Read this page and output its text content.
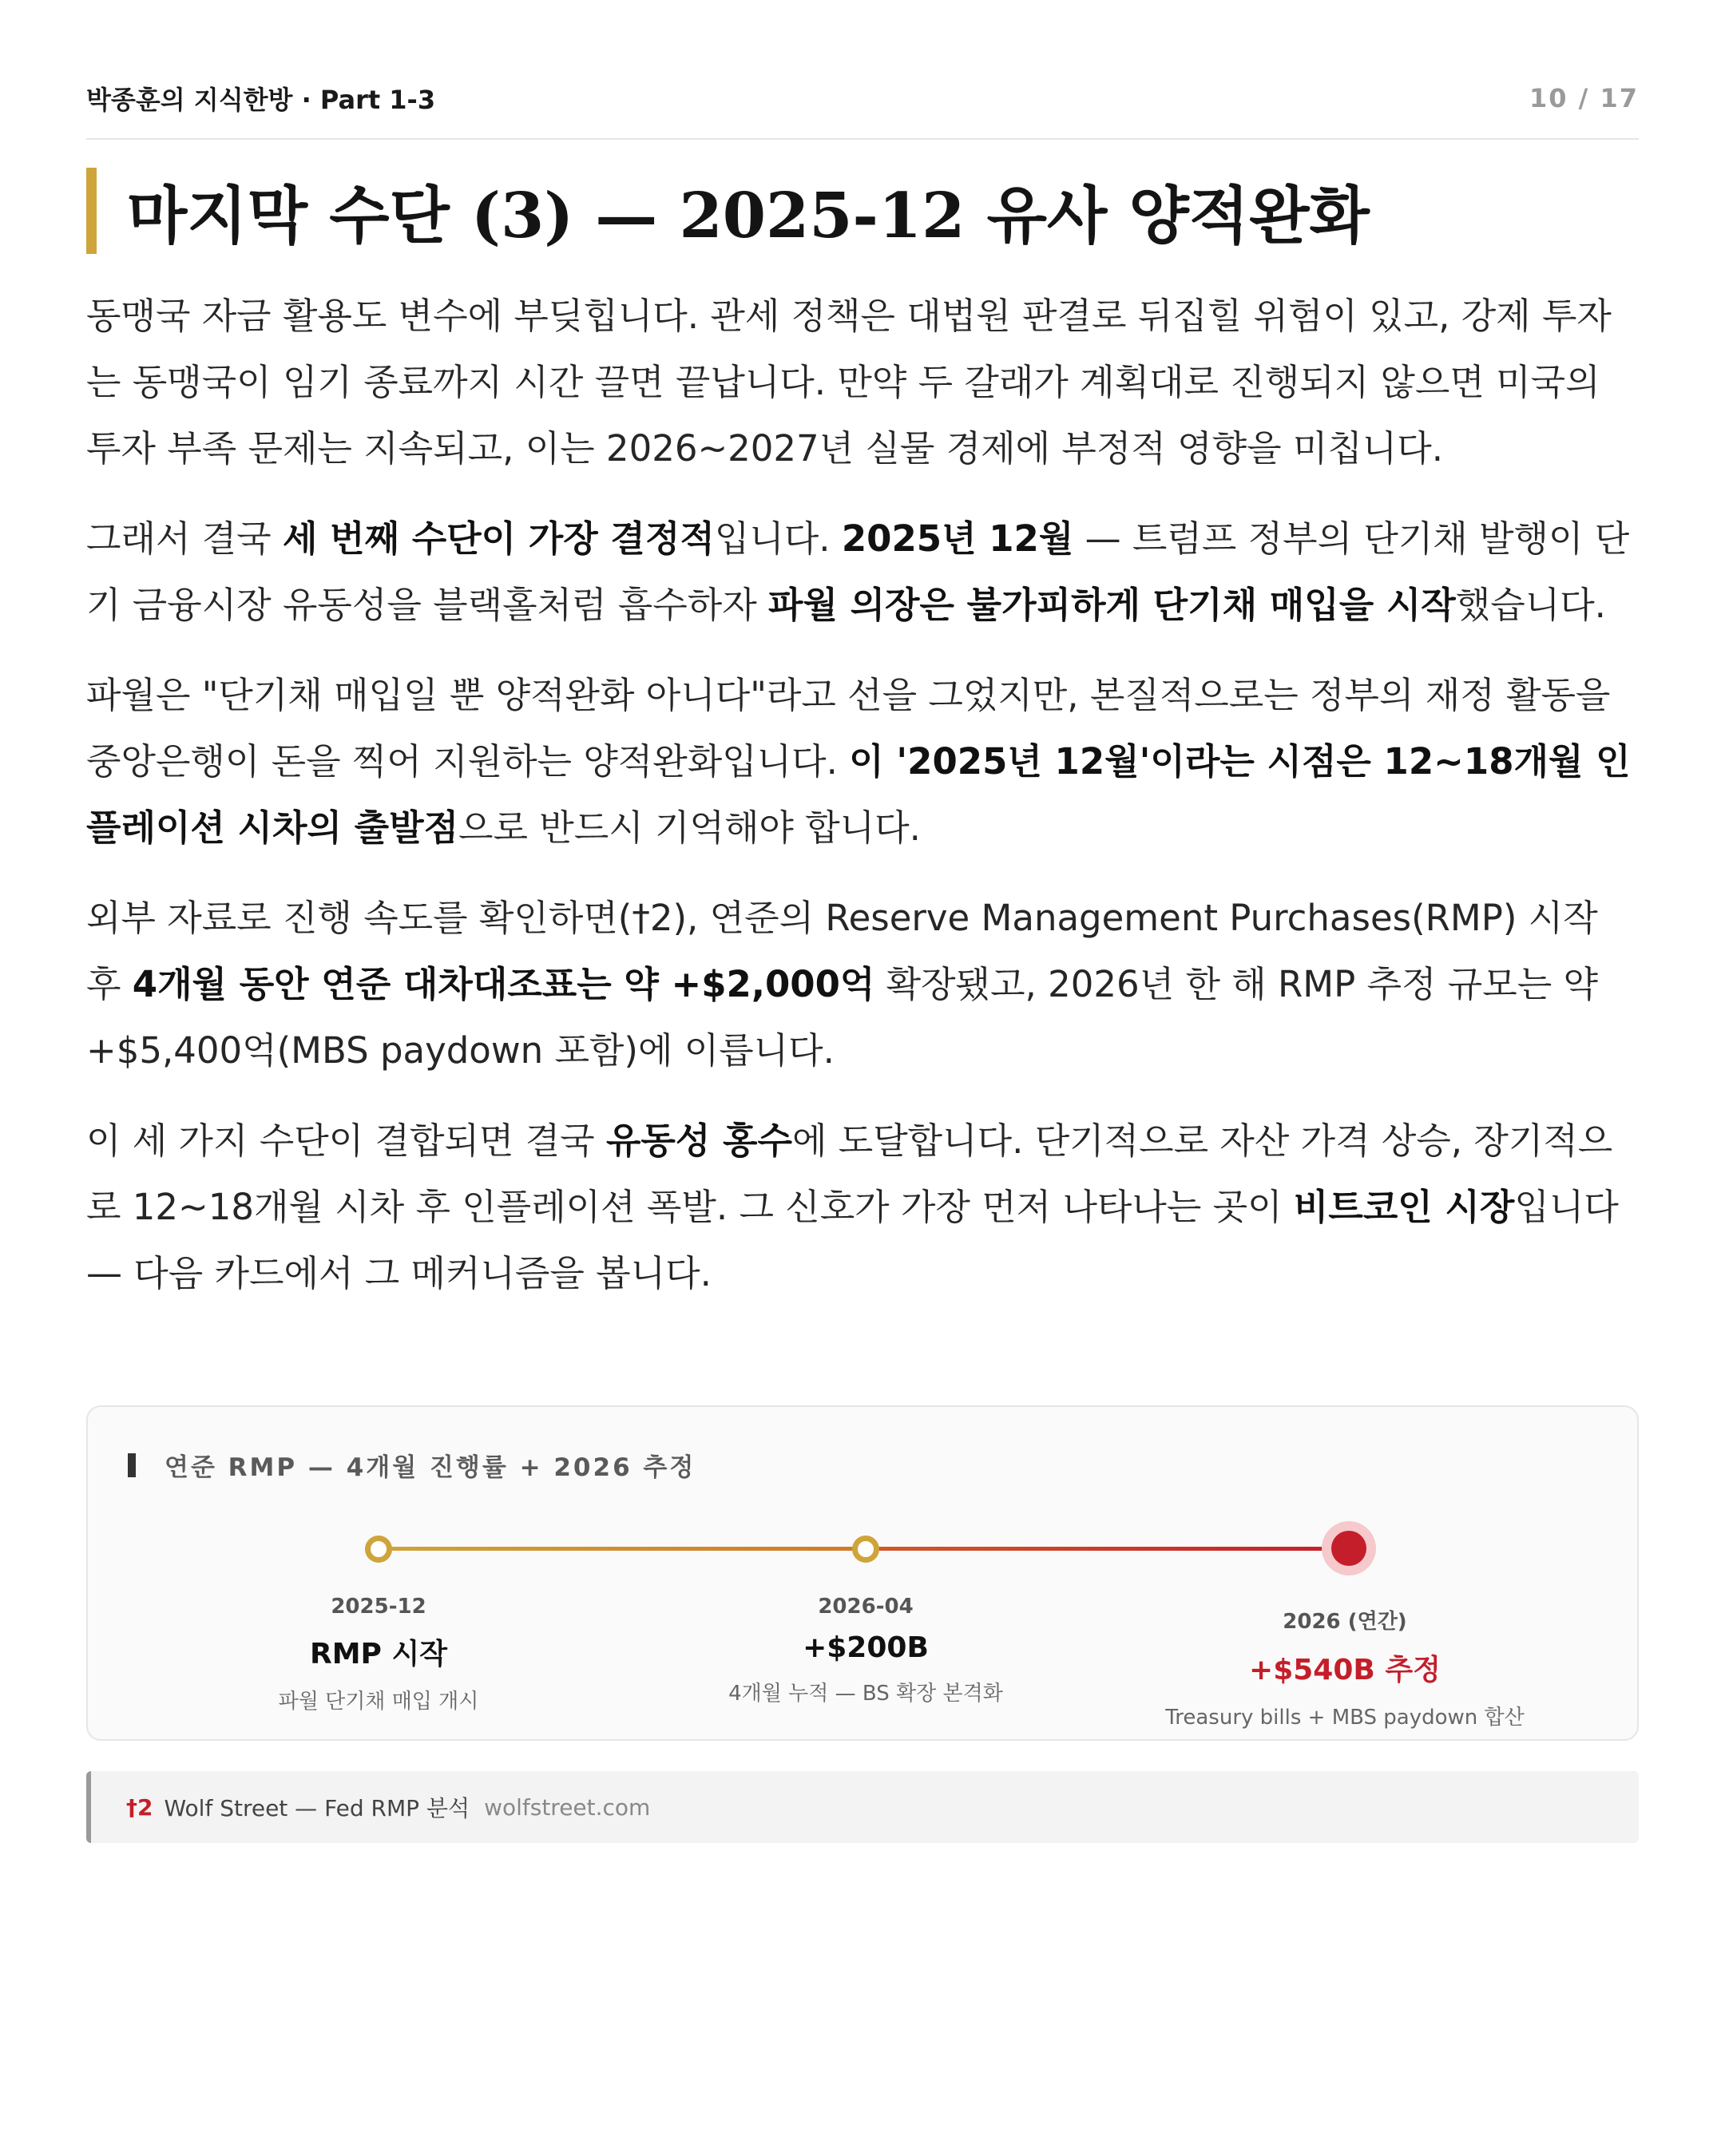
박종훈의 지식한방 · Part 1-3	10 / 17
마지막 수단 (3) — 2025-12 유사 양적완화

동맹국 자금 활용도 변수에 부딪힙니다. 관세 정책은 대법원 판결로 뒤집힐 위험이 있고, 강제 투자는 동맹국이 임기 종료까지 시간 끌면 끝납니다. 만약 두 갈래가 계획대로 진행되지 않으면 미국의 투자 부족 문제는 지속되고, 이는 2026~2027년 실물 경제에 부정적 영향을 미칩니다.

그래서 결국 세 번째 수단이 가장 결정적입니다. 2025년 12월 — 트럼프 정부의 단기채 발행이 단기 금융시장 유동성을 블랙홀처럼 흡수하자 파월 의장은 불가피하게 단기채 매입을 시작했습니다.

파월은 "단기채 매입일 뿐 양적완화 아니다"라고 선을 그었지만, 본질적으로는 정부의 재정 활동을 중앙은행이 돈을 찍어 지원하는 양적완화입니다. 이 '2025년 12월'이라는 시점은 12~18개월 인플레이션 시차의 출발점으로 반드시 기억해야 합니다.

외부 자료로 진행 속도를 확인하면(†2), 연준의 Reserve Management Purchases(RMP) 시작 후 4개월 동안 연준 대차대조표는 약 +$2,000억 확장됐고, 2026년 한 해 RMP 추정 규모는 약 +$5,400억(MBS paydown 포함)에 이릅니다.

이 세 가지 수단이 결합되면 결국 유동성 홍수에 도달합니다. 단기적으로 자산 가격 상승, 장기적으로 12~18개월 시차 후 인플레이션 폭발. 그 신호가 가장 먼저 나타나는 곳이 비트코인 시장입니다 — 다음 카드에서 그 메커니즘을 봅니다.

연준 RMP — 4개월 진행률 + 2026 추정
2025-12
RMP 시작
파월 단기채 매입 개시
2026-04
+$200B
4개월 누적 — BS 확장 본격화
2026 (연간)
+$540B 추정
Treasury bills + MBS paydown 합산
†2 Wolf Street — Fed RMP 분석 wolfstreet.com
